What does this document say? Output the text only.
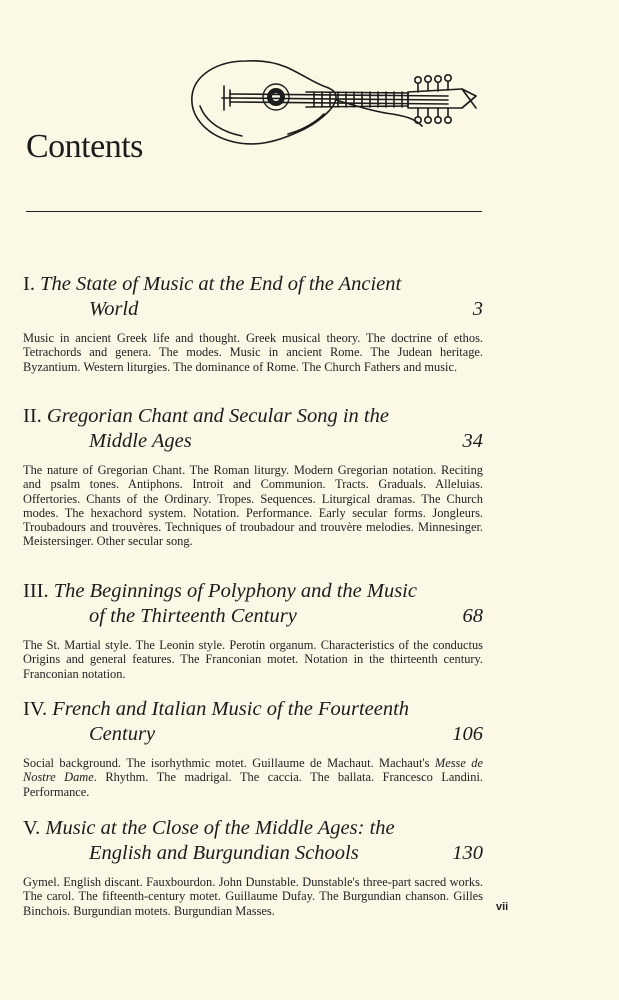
Contents
I. The State of Music at the End of the Ancient
World	3

Music in ancient Greek life and thought. Greek musical theory. The doctrine of ethos. Tetrachords and genera. The modes. Music in ancient Rome. The Judean heritage. Byzantium. Western liturgies. The dominance of Rome. The Church Fathers and music.

II. Gregorian Chant and Secular Song in the
Middle Ages	34

The nature of Gregorian Chant. The Roman liturgy. Modern Gregorian notation. Reciting and psalm tones. Antiphons. Introit and Communion. Tracts. Graduals. Alleluias. Offertories. Chants of the Ordinary. Tropes. Sequences. Liturgical dramas. The Church modes. The hexachord system. Notation. Performance. Early secular forms. Jongleurs. Troubadours and trouvères. Techniques of troubadour and trouvère melodies. Minnesinger. Meistersinger. Other secular song.

III. The Beginnings of Polyphony and the Music
of the Thirteenth Century	68

The St. Martial style. The Leonin style. Perotin organum. Characteristics of the conductus Origins and general features. The Franconian motet. Notation in the thirteenth century. Franconian notation.

IV. French and Italian Music of the Fourteenth
Century	106

Social background. The isorhythmic motet. Guillaume de Machaut. Machaut's Messe de Nostre Dame. Rhythm. The madrigal. The caccia. The ballata. Francesco Landini. Performance.

V. Music at the Close of the Middle Ages: the
English and Burgundian Schools	130

Gymel. English discant. Fauxbourdon. John Dunstable. Dunstable's three-part sacred works. The carol. The fifteenth-century motet. Guillaume Dufay. The Burgundian chanson. Gilles Binchois. Burgundian motets. Burgundian Masses.	vii
